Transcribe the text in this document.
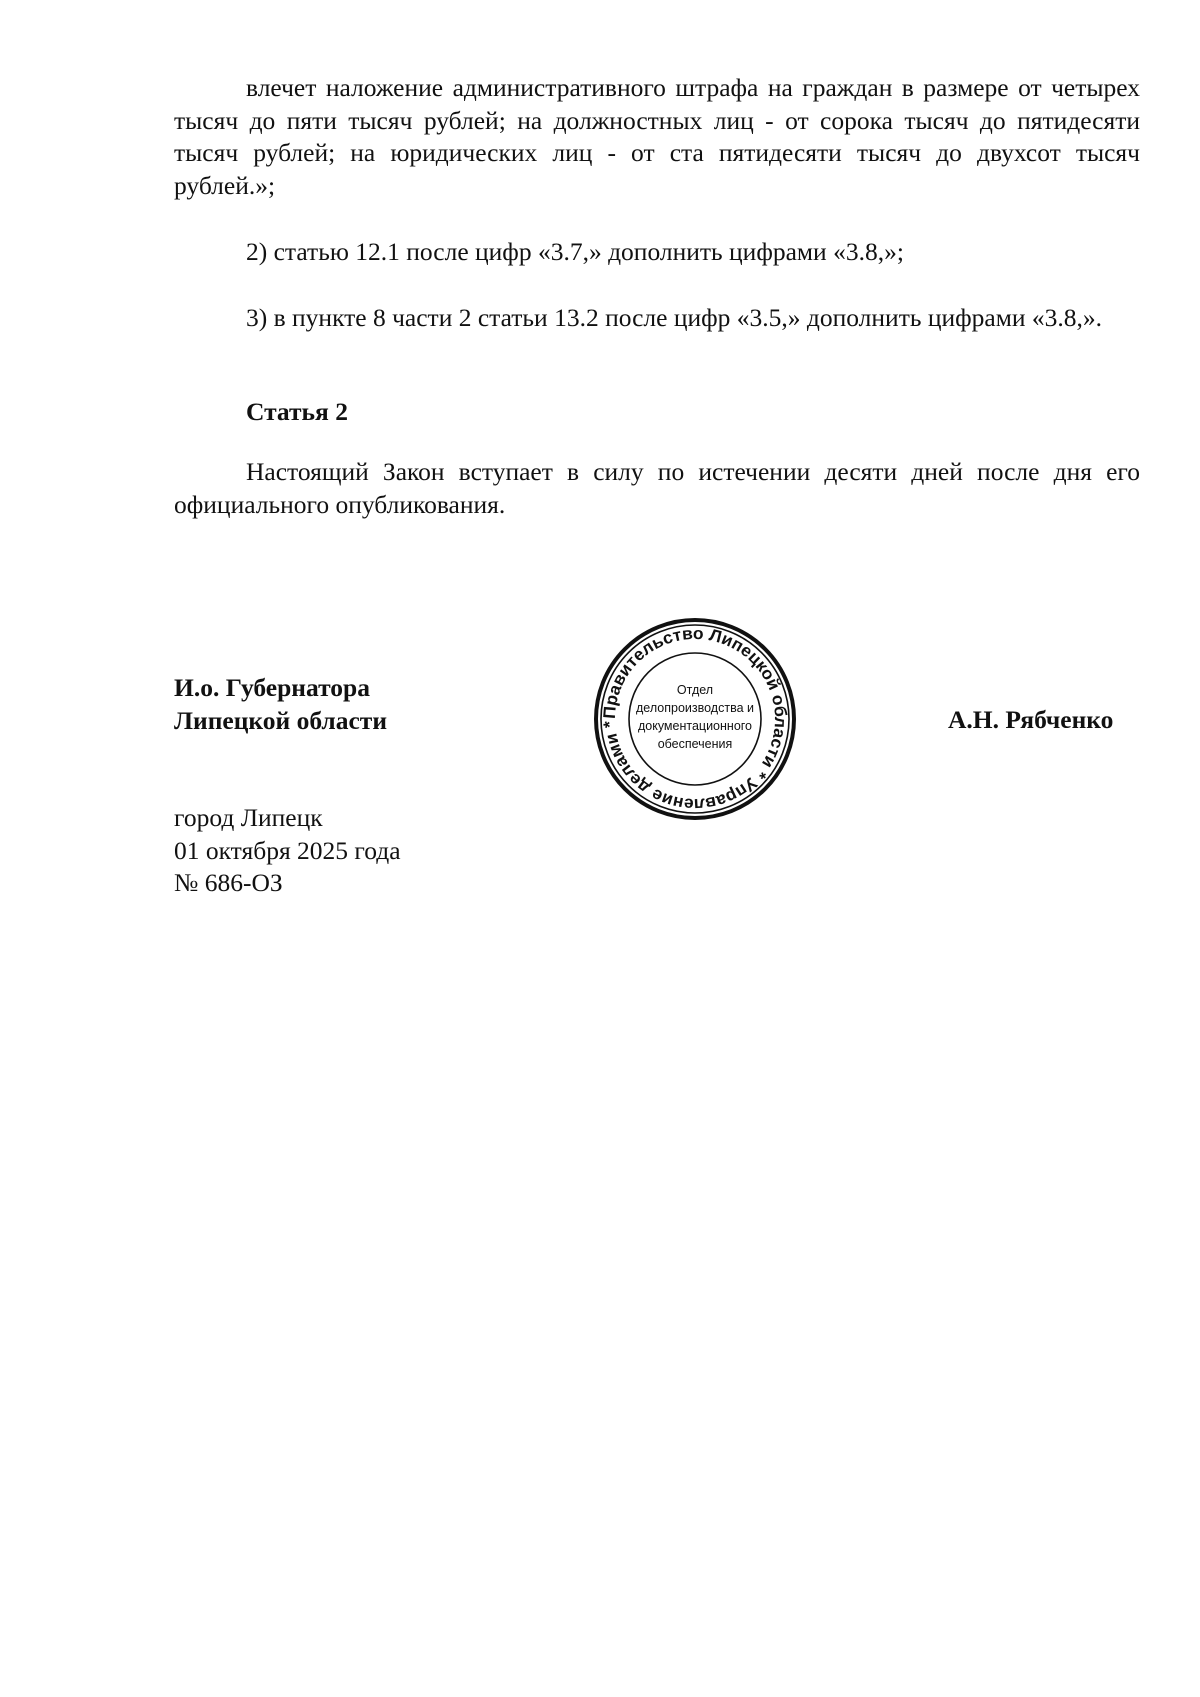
влечет наложение административного штрафа на граждан в размере от четырех тысяч до пяти тысяч рублей; на должностных лиц - от сорока тысяч до пятидесяти тысяч рублей; на юридических лиц - от ста пятидесяти тысяч до двухсот тысяч рублей.»;

2) статью 12.1 после цифр «3.7,» дополнить цифрами «3.8,»;

3) в пункте 8 части 2 статьи 13.2 после цифр «3.5,» дополнить цифрами «3.8,».

Статья 2

Настоящий Закон вступает в силу по истечении десяти дней после дня его официального опубликования.

И.о. Губернатора
Липецкой области	Правительство Липецкой области * Управление делами *
Отдел
делопроизводства и
документационного
обеспечения
А.Н. Рябченко
город Липецк
01 октября 2025 года
№ 686-ОЗ
